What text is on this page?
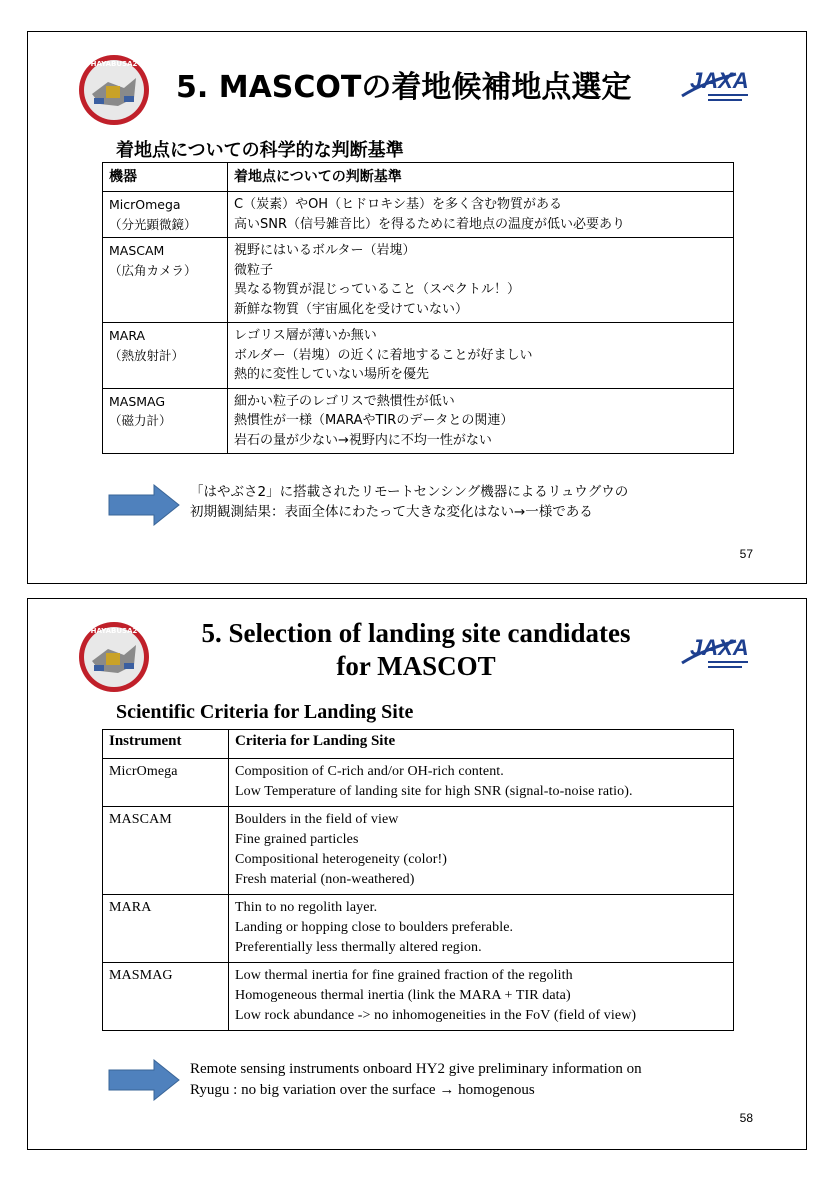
HAYABUSA2
5. MASCOTの着地候補地点選定	JAXA
着地点についての科学的な判断基準
機器	着地点についての判断基準

MicrOmega
（分光顕微鏡）	C（炭素）やOH（ヒドロキシ基）を多く含む物質がある
高いSNR（信号雑音比）を得るために着地点の温度が低い必要あり

MASCAM
（広角カメラ）	視野にはいるボルター（岩塊）
微粒子
異なる物質が混じっていること（スペクトル！）
新鮮な物質（宇宙風化を受けていない）

MARA
（熱放射計）	レゴリス層が薄いか無い
ボルダー（岩塊）の近くに着地することが好ましい
熱的に変性していない場所を優先

MASMAG
（磁力計）	細かい粒子のレゴリスで熱慣性が低い
熱慣性が一様（MARAやTIRのデータとの関連）
岩石の量が少ない→視野内に不均一性がない
「はやぶさ2」に搭載されたリモートセンシング機器によるリュウグウの
初期観測結果：表面全体にわたって大きな変化はない→一様である
57
HAYABUSA2	5. Selection of landing site candidates
for MASCOT
JAXA
Scientific Criteria for Landing Site
Instrument	Criteria for Landing Site

MicrOmega	Composition of C-rich and/or OH-rich content.
Low Temperature of landing site for high SNR (signal-to-noise ratio).

MASCAM	Boulders in the field of view
Fine grained particles
Compositional heterogeneity (color!)
Fresh material (non-weathered)

MARA	Thin to no regolith layer.
Landing or hopping close to boulders preferable.
Preferentially less thermally altered region.

MASMAG	Low thermal inertia for fine grained fraction of the regolith
Homogeneous thermal inertia (link the MARA + TIR data)
Low rock abundance -> no inhomogeneities in the FoV (field of view)
Remote sensing instruments onboard HY2 give preliminary information on
Ryugu : no big variation over the surface → homogenous
58
